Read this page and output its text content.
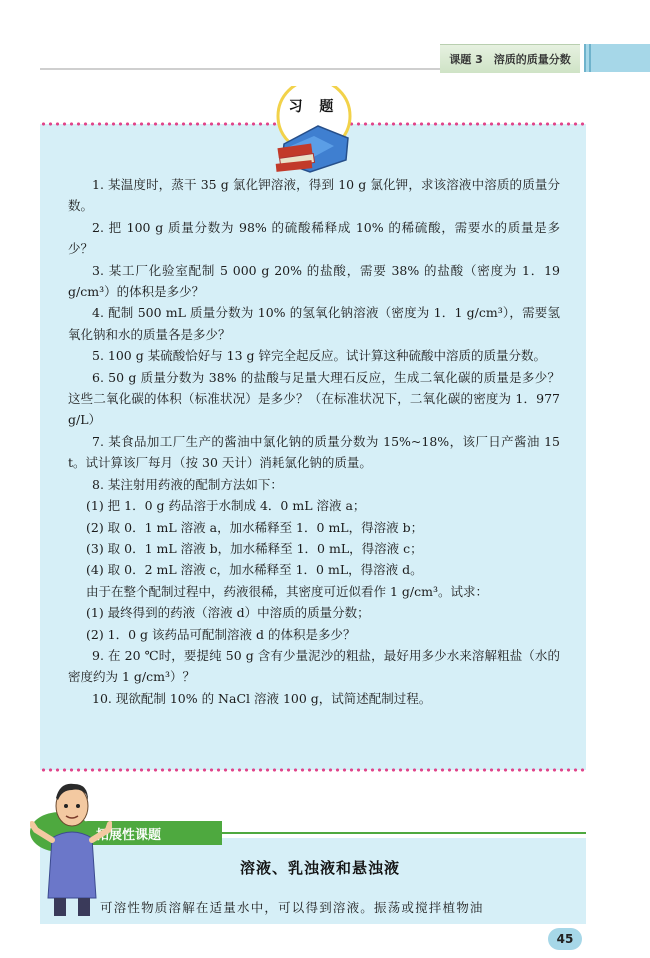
课题 3　溶质的质量分数
习 题

1. 某温度时，蒸干 35 g 氯化钾溶液，得到 10 g 氯化钾，求该溶液中溶质的质量分数。

2. 把 100 g 质量分数为 98% 的硫酸稀释成 10% 的稀硫酸，需要水的质量是多少？

3. 某工厂化验室配制 5 000 g 20% 的盐酸，需要 38% 的盐酸（密度为 1．19 g/cm³）的体积是多少？

4. 配制 500 mL 质量分数为 10% 的氢氧化钠溶液（密度为 1．1 g/cm³），需要氢氧化钠和水的质量各是多少？

5. 100 g 某硫酸恰好与 13 g 锌完全起反应。试计算这种硫酸中溶质的质量分数。

6. 50 g 质量分数为 38% 的盐酸与足量大理石反应，生成二氧化碳的质量是多少？这些二氧化碳的体积（标准状况）是多少？（在标准状况下，二氧化碳的密度为 1．977 g/L）

7. 某食品加工厂生产的酱油中氯化钠的质量分数为 15%~18%，该厂日产酱油 15 t。试计算该厂每月（按 30 天计）消耗氯化钠的质量。

8. 某注射用药液的配制方法如下：

(1) 把 1．0 g 药品溶于水制成 4．0 mL 溶液 a；

(2) 取 0．1 mL 溶液 a，加水稀释至 1．0 mL，得溶液 b；

(3) 取 0．1 mL 溶液 b，加水稀释至 1．0 mL，得溶液 c；

(4) 取 0．2 mL 溶液 c，加水稀释至 1．0 mL，得溶液 d。

由于在整个配制过程中，药液很稀，其密度可近似看作 1 g/cm³。试求：

(1) 最终得到的药液（溶液 d）中溶质的质量分数；

(2) 1．0 g 该药品可配制溶液 d 的体积是多少？

9. 在 20 ℃时，要提纯 50 g 含有少量泥沙的粗盐，最好用多少水来溶解粗盐（水的密度约为 1 g/cm³）？

10. 现欲配制 10% 的 NaCl 溶液 100 g，试简述配制过程。

拓展性课题
溶液、乳浊液和悬浊液
可溶性物质溶解在适量水中，可以得到溶液。振荡或搅拌植物油
45
